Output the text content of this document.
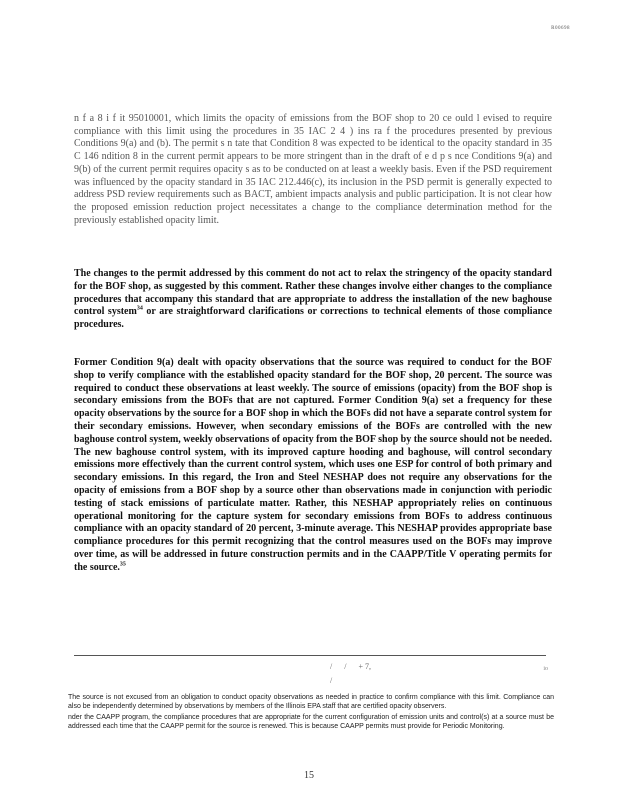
R00698

n f a 8 i f it 95010001, which limits the opacity of emissions from the BOF shop to 20 ce ould l evised to require compliance with this limit using the procedures in 35 IAC 2 4 ) ins ra f the procedures presented by previous Conditions 9(a) and (b). The permit s n tate that Condition 8 was expected to be identical to the opacity standard in 35 C 146 ndition 8 in the current permit appears to be more stringent than in the draft of e d p s nce Conditions 9(a) and 9(b) of the current permit requires opacity s as to be conducted on at least a weekly basis. Even if the PSD requirement was influenced by the opacity standard in 35 IAC 212.446(c), its inclusion in the PSD permit is generally expected to address PSD review requirements such as BACT, ambient impacts analysis and public participation. It is not clear how the proposed emission reduction project necessitates a change to the compliance determination method for the previously established opacity limit.

The changes to the permit addressed by this comment do not act to relax the stringency of the opacity standard for the BOF shop, as suggested by this comment. Rather these changes involve either changes to the compliance procedures that accompany this standard that are appropriate to address the installation of the new baghouse control system$^{34}$ or are straightforward clarifications or corrections to technical elements of those compliance procedures.

Former Condition 9(a) dealt with opacity observations that the source was required to conduct for the BOF shop to verify compliance with the established opacity standard for the BOF shop, 20 percent. The source was required to conduct these observations at least weekly. The source of emissions (opacity) from the BOF shop is secondary emissions from the BOFs that are not captured. Former Condition 9(a) set a frequency for these opacity observations by the source for a BOF shop in which the BOFs did not have a separate control system for their secondary emissions. However, when secondary emissions of the BOFs are controlled with the new baghouse control system, weekly observations of opacity from the BOF shop by the source should not be needed. The new baghouse control system, with its improved capture hooding and baghouse, will control secondary emissions more effectively than the current control system, which uses one ESP for control of both primary and secondary emissions. In this regard, the Iron and Steel NESHAP does not require any observations for the opacity of emissions from a BOF shop by a source other than observations made in conjunction with periodic testing of stack emissions of particulate matter. Rather, this NESHAP appropriately relies on continuous operational monitoring for the capture system for secondary emissions from BOFs to address continuous compliance with an opacity standard of 20 percent, 3-minute average. This NESHAP provides appropriate base compliance procedures for this permit recognizing that the control measures used on the BOFs may improve over time, as will be addressed in future construction permits and in the CAAPP/Title V operating permits for the source.$^{35}$

/ / + 7,
/
io

The source is not excused from an obligation to conduct opacity observations as needed in practice to confirm compliance with this limit. Compliance can also be independently determined by observations by members of the Illinois EPA staff that are certified opacity observers.

nder the CAAPP program, the compliance procedures that are appropriate for the current configuration of emission units and control(s) at a source must be addressed each time that the CAAPP permit for the source is renewed. This is because CAAPP permits must provide for Periodic Monitoring.

15
